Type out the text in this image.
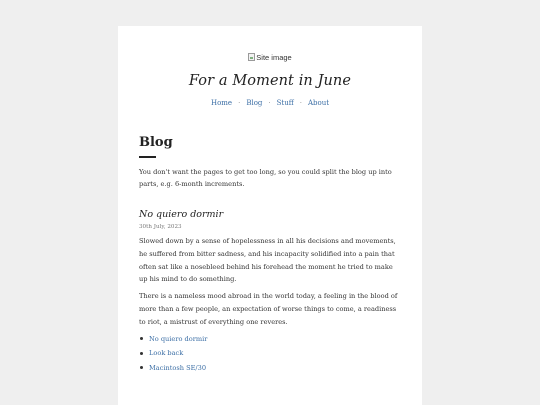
Site image
For a Moment in June
Home · Blog · Stuff · About
Blog

You don't want the pages to get too long, so you could split the blog up into parts, e.g. 6-month increments.

No quiero dormir
30th July, 2023

Slowed down by a sense of hopelessness in all his decisions and movements, he suffered from bitter sadness, and his incapacity solidified into a pain that often sat like a nosebleed behind his forehead the moment he tried to make up his mind to do something.

There is a nameless mood abroad in the world today, a feeling in the blood of more than a few people, an expectation of worse things to come, a readiness to riot, a mistrust of everything one reveres.

No quiero dormir
Look back
Macintosh SE/30
